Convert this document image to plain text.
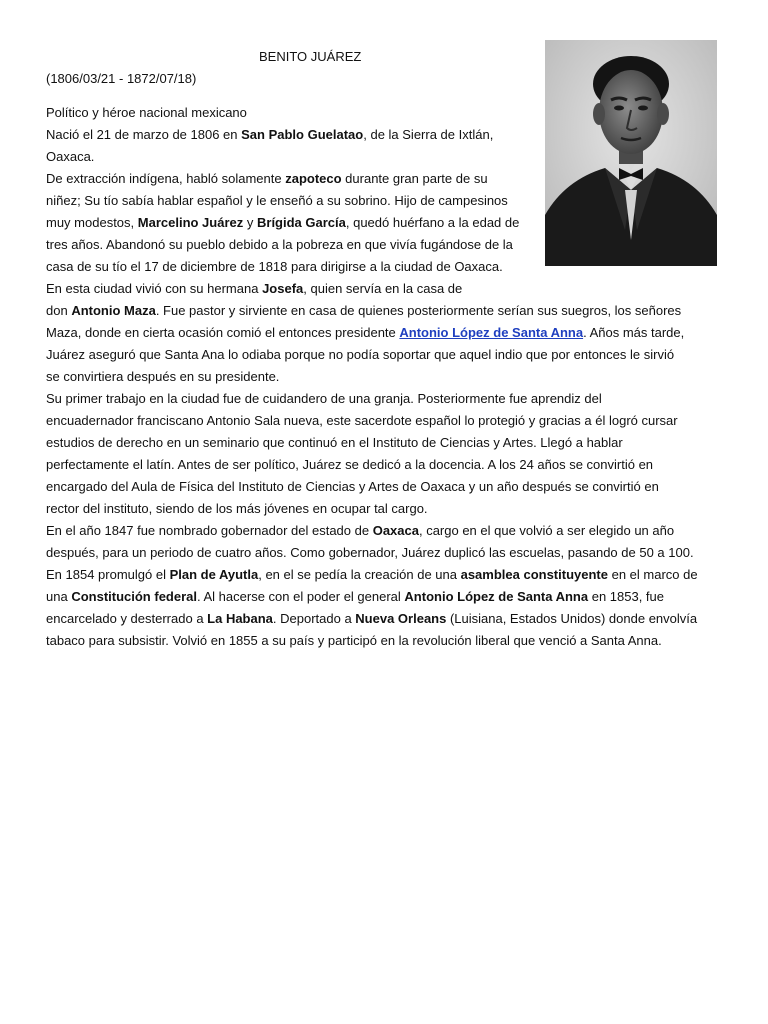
BENITO JUÁREZ
(1806/03/21 - 1872/07/18)
Político y héroe nacional mexicano
Nació el 21 de marzo de 1806 en San Pablo Guelatao, de la Sierra de Ixtlán,
Oaxaca.
De extracción indígena, habló solamente zapoteco durante gran parte de su
niñez; Su tío sabía hablar español y le enseñó a su sobrino. Hijo de campesinos
muy modestos, Marcelino Juárez y Brígida García, quedó huérfano a la edad de
tres años. Abandonó su pueblo debido a la pobreza en que vivía fugándose de la
casa de su tío el 17 de diciembre de 1818 para dirigirse a la ciudad de Oaxaca.
En esta ciudad vivió con su hermana Josefa, quien servía en la casa de
don Antonio Maza. Fue pastor y sirviente en casa de quienes posteriormente serían sus suegros, los señores
Maza, donde en cierta ocasión comió el entonces presidente Antonio López de Santa Anna. Años más tarde,
Juárez aseguró que Santa Ana lo odiaba porque no podía soportar que aquel indio que por entonces le sirvió
se convirtiera después en su presidente.
Su primer trabajo en la ciudad fue de cuidandero de una granja. Posteriormente fue aprendiz del
encuadernador franciscano Antonio Sala nueva, este sacerdote español lo protegió y gracias a él logró cursar
estudios de derecho en un seminario que continuó en el Instituto de Ciencias y Artes. Llegó a hablar
perfectamente el latín. Antes de ser político, Juárez se dedicó a la docencia. A los 24 años se convirtió en
encargado del Aula de Física del Instituto de Ciencias y Artes de Oaxaca y un año después se convirtió en
rector del instituto, siendo de los más jóvenes en ocupar tal cargo.
En el año 1847 fue nombrado gobernador del estado de Oaxaca, cargo en el que volvió a ser elegido un año
después, para un periodo de cuatro años. Como gobernador, Juárez duplicó las escuelas, pasando de 50 a 100.
En 1854 promulgó el Plan de Ayutla, en el se pedía la creación de una asamblea constituyente en el marco de
una Constitución federal. Al hacerse con el poder el general Antonio López de Santa Anna en 1853, fue
encarcelado y desterrado a La Habana. Deportado a Nueva Orleans (Luisiana, Estados Unidos) donde envolvía
tabaco para subsistir. Volvió en 1855 a su país y participó en la revolución liberal que venció a Santa Anna.
